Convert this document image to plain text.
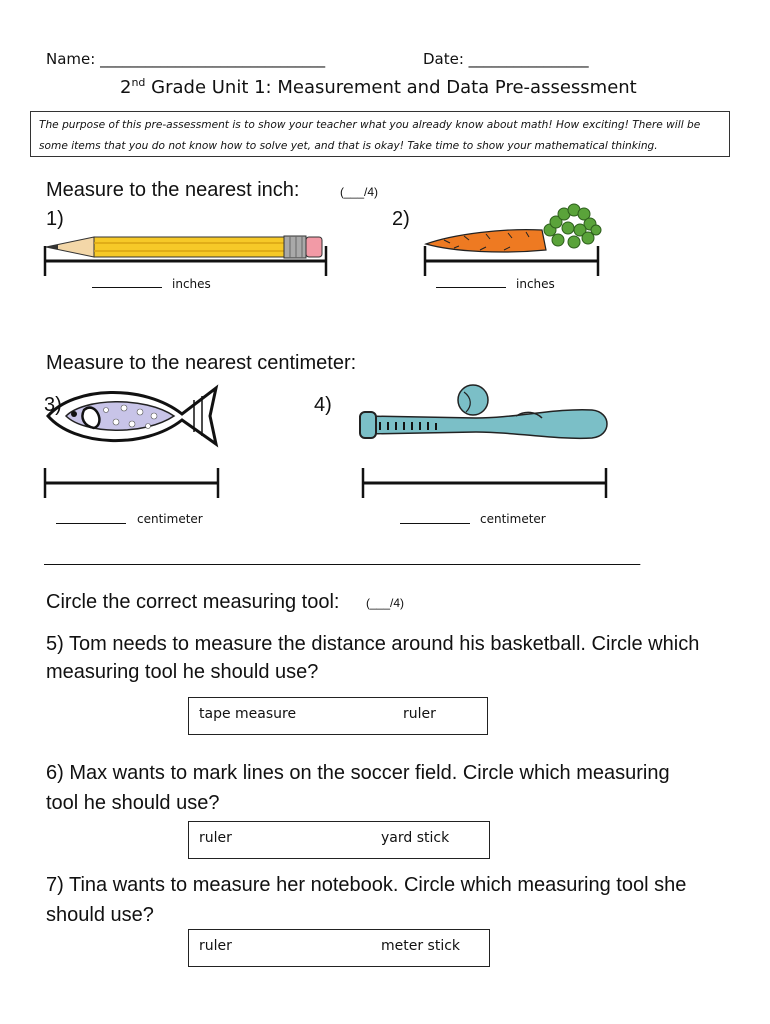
Name: ______________________________	Date: ________________
2nd Grade Unit 1: Measurement and Data Pre-assessment
The purpose of this pre-assessment is to show your teacher what you already know about math! How exciting! There will be some items that you do not know how to solve yet, and that is okay! Take time to show your mathematical thinking.
Measure to the nearest inch:	(___/4)
1)	2)
inches	inches
Measure to the nearest centimeter:
3)	4)
centimeter	centimeter
___________________________________________________________________
Circle the correct measuring tool: (___/4)
5) Tom needs to measure the distance around his basketball. Circle which measuring tool he should use?
tape measure	ruler
6) Max wants to mark lines on the soccer field. Circle which measuring tool he should use?
ruler	yard stick
7) Tina wants to measure her notebook. Circle which measuring tool she should use?
ruler	meter stick
